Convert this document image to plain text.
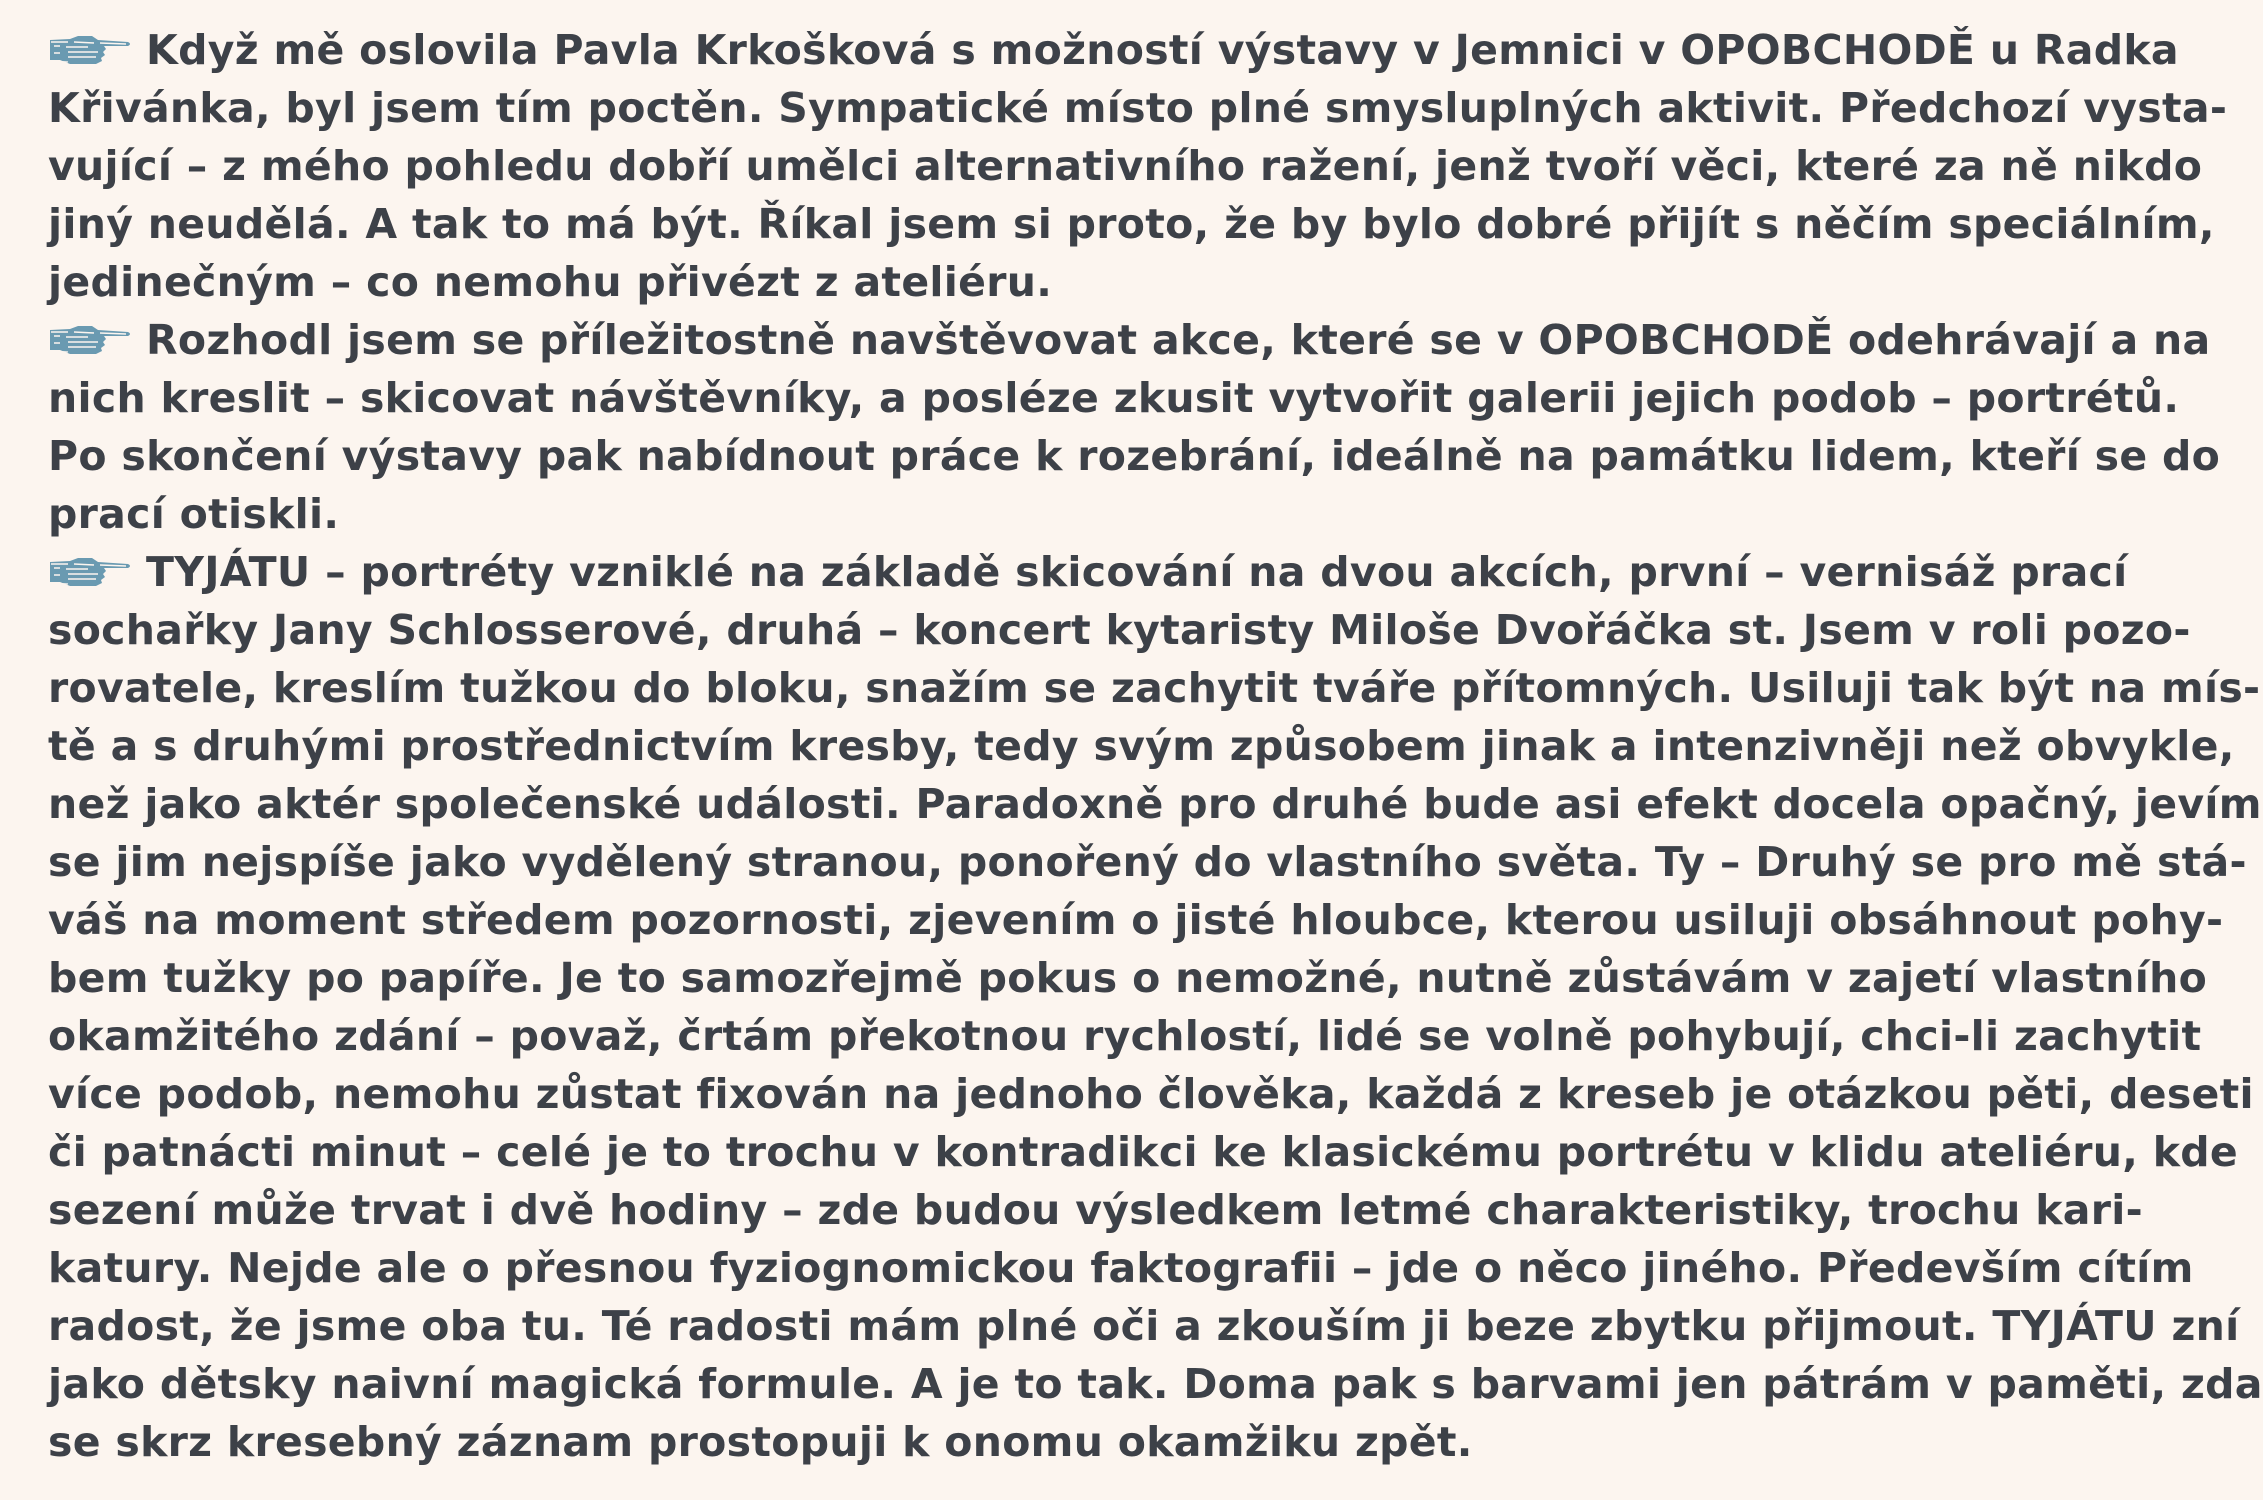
Když mě oslovila Pavla Krkošková s možností výstavy v Jemnici v OPOBCHODĚ u Radka
Křivánka, byl jsem tím poctěn. Sympatické místo plné smysluplných aktivit. Předchozí vysta-
vující – z mého pohledu dobří umělci alternativního ražení, jenž tvoří věci, které za ně nikdo
jiný neudělá. A tak to má být. Říkal jsem si proto, že by bylo dobré přijít s něčím speciálním,
jedinečným – co nemohu přivézt z ateliéru.
Rozhodl jsem se příležitostně navštěvovat akce, které se v OPOBCHODĚ odehrávají a na
nich kreslit – skicovat návštěvníky, a posléze zkusit vytvořit galerii jejich podob – portrétů.
Po skončení výstavy pak nabídnout práce k rozebrání, ideálně na památku lidem, kteří se do
prací otiskli.
TYJÁTU – portréty vzniklé na základě skicování na dvou akcích, první – vernisáž prací
sochařky Jany Schlosserové, druhá – koncert kytaristy Miloše Dvořáčka st. Jsem v roli pozo-
rovatele, kreslím tužkou do bloku, snažím se zachytit tváře přítomných. Usiluji tak být na mís-
tě a s druhými prostřednictvím kresby, tedy svým způsobem jinak a intenzivněji než obvykle,
než jako aktér společenské události. Paradoxně pro druhé bude asi efekt docela opačný, jevím
se jim nejspíše jako vydělený stranou, ponořený do vlastního světa. Ty – Druhý se pro mě stá-
váš na moment středem pozornosti, zjevením o jisté hloubce, kterou usiluji obsáhnout pohy-
bem tužky po papíře. Je to samozřejmě pokus o nemožné, nutně zůstávám v zajetí vlastního
okamžitého zdání – považ, črtám překotnou rychlostí, lidé se volně pohybují, chci-li zachytit
více podob, nemohu zůstat fixován na jednoho člověka, každá z kreseb je otázkou pěti, deseti
či patnácti minut – celé je to trochu v kontradikci ke klasickému portrétu v klidu ateliéru, kde
sezení může trvat i dvě hodiny – zde budou výsledkem letmé charakteristiky, trochu kari-
katury. Nejde ale o přesnou fyziognomickou faktografii – jde o něco jiného. Především cítím
radost, že jsme oba tu. Té radosti mám plné oči a zkouším ji beze zbytku přijmout. TYJÁTU zní
jako dětsky naivní magická formule. A je to tak. Doma pak s barvami jen pátrám v paměti, zda
se skrz kresebný záznam prostopuji k onomu okamžiku zpět.
